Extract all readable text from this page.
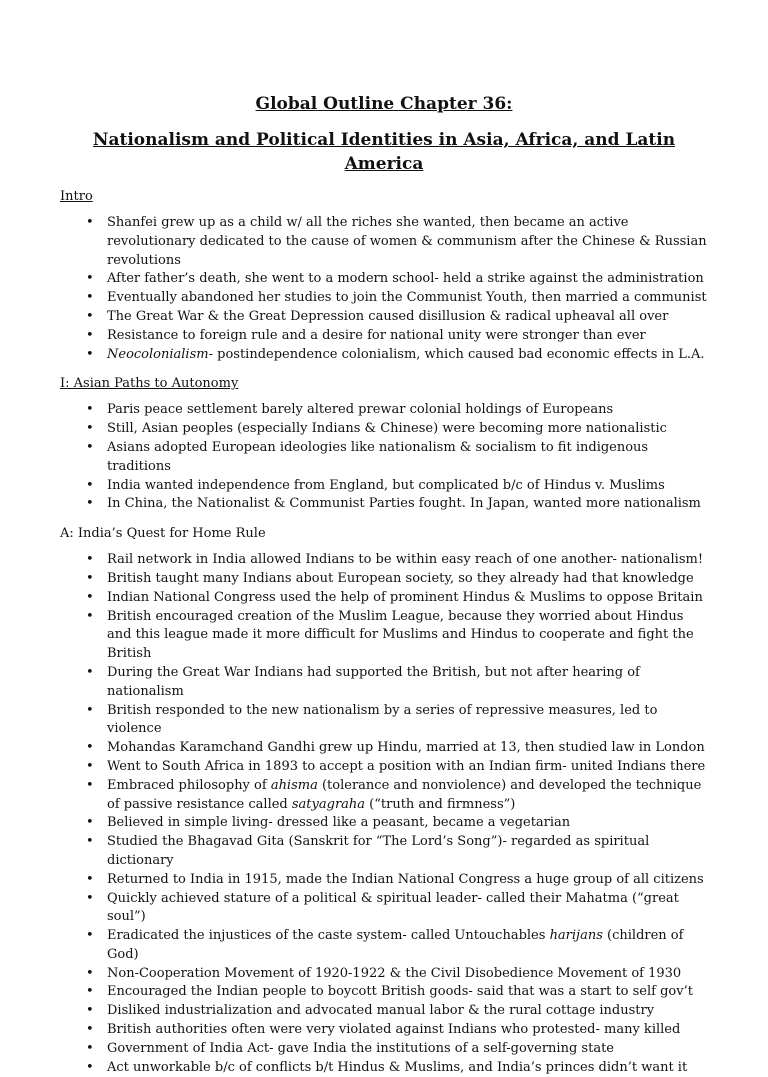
Global Outline Chapter 36:
Nationalism and Political Identities in Asia, Africa, and Latin America
Intro
• Shanfei grew up as a child w/ all the riches she wanted, then became an active revolutionary dedicated to the cause of women & communism after the Chinese & Russian revolutions
• After father’s death, she went to a modern school- held a strike against the administration
• Eventually abandoned her studies to join the Communist Youth, then married a communist
• The Great War & the Great Depression caused disillusion & radical upheaval all over
• Resistance to foreign rule and a desire for national unity were stronger than ever
• Neocolonialism- postindependence colonialism, which caused bad economic effects in L.A.
I: Asian Paths to Autonomy
• Paris peace settlement barely altered prewar colonial holdings of Europeans
• Still, Asian peoples (especially Indians & Chinese) were becoming more nationalistic
• Asians adopted European ideologies like nationalism & socialism to fit indigenous traditions
• India wanted independence from England, but complicated b/c of Hindus v. Muslims
• In China, the Nationalist & Communist Parties fought. In Japan, wanted more nationalism
A: India’s Quest for Home Rule
• Rail network in India allowed Indians to be within easy reach of one another- nationalism!
• British taught many Indians about European society, so they already had that knowledge
• Indian National Congress used the help of prominent Hindus & Muslims to oppose Britain
• British encouraged creation of the Muslim League, because they worried about Hindus and this league made it more difficult for Muslims and Hindus to cooperate and fight the British
• During the Great War Indians had supported the British, but not after hearing of nationalism
• British responded to the new nationalism by a series of repressive measures, led to violence
• Mohandas Karamchand Gandhi grew up Hindu, married at 13, then studied law in London
• Went to South Africa in 1893 to accept a position with an Indian firm- united Indians there
• Embraced philosophy of ahisma (tolerance and nonviolence) and developed the technique of passive resistance called satyagraha (“truth and firmness”)
• Believed in simple living- dressed like a peasant, became a vegetarian
• Studied the Bhagavad Gita (Sanskrit for “The Lord’s Song”)- regarded as spiritual dictionary
• Returned to India in 1915, made the Indian National Congress a huge group of all citizens
• Quickly achieved stature of a political & spiritual leader- called their Mahatma (“great soul”)
• Eradicated the injustices of the caste system- called Untouchables harijans (children of God)
• Non-Cooperation Movement of 1920-1922 & the Civil Disobedience Movement of 1930
• Encouraged the Indian people to boycott British goods- said that was a start to self gov’t
• Disliked industrialization and advocated manual labor & the rural cottage industry
• British authorities often were very violated against Indians who protested- many killed
• Government of India Act- gave India the institutions of a self-governing state
• Act unworkable b/c of conflicts b/t Hindus & Muslims, and India’s princes didn’t want it
